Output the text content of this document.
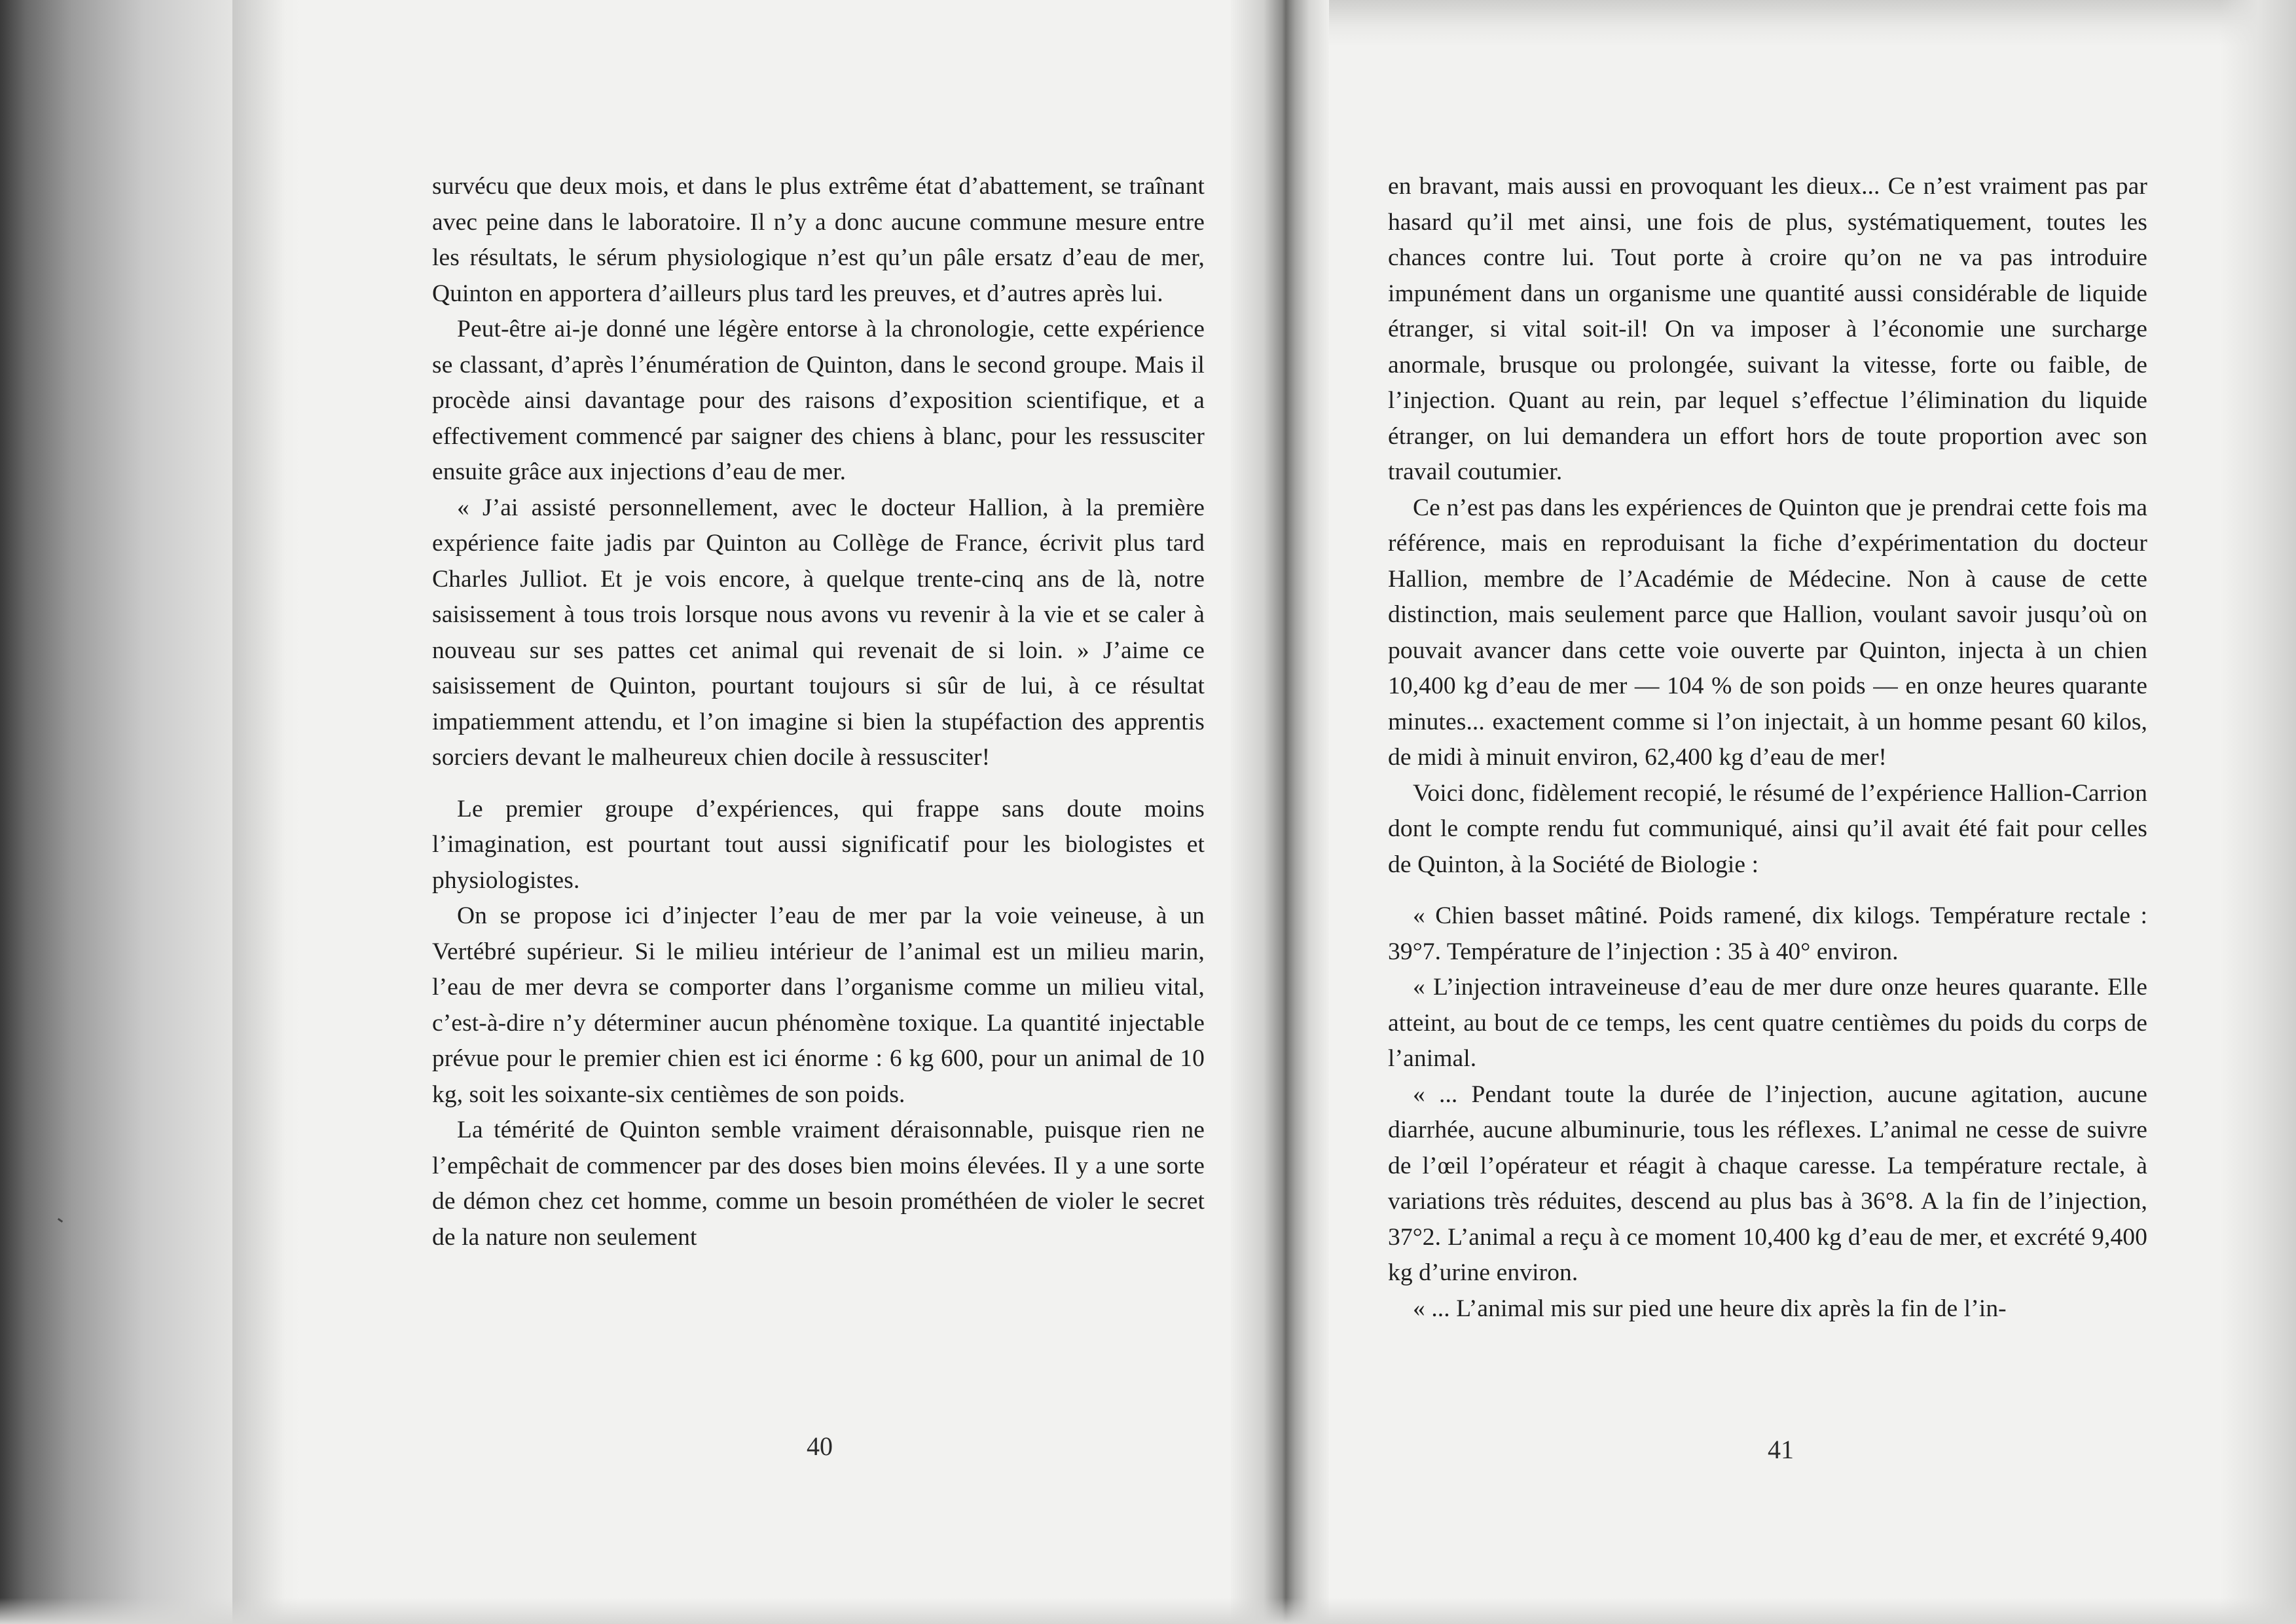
survécu que deux mois, et dans le plus extrême état d’abattement, se traînant avec peine dans le laboratoire. Il n’y a donc aucune commune mesure entre les résultats, le sérum physiologique n’est qu’un pâle ersatz d’eau de mer, Quinton en apportera d’ailleurs plus tard les preuves, et d’autres après lui.

Peut-être ai-je donné une légère entorse à la chronologie, cette expérience se classant, d’après l’énumération de Quinton, dans le second groupe. Mais il procède ainsi davantage pour des raisons d’exposition scientifique, et a effectivement commencé par saigner des chiens à blanc, pour les ressusciter ensuite grâce aux injections d’eau de mer.

« J’ai assisté personnellement, avec le docteur Hallion, à la première expérience faite jadis par Quinton au Collège de France, écrivit plus tard Charles Julliot. Et je vois encore, à quelque trente-cinq ans de là, notre saisissement à tous trois lorsque nous avons vu revenir à la vie et se caler à nouveau sur ses pattes cet animal qui revenait de si loin. » J’aime ce saisissement de Quinton, pourtant toujours si sûr de lui, à ce résultat impatiemment attendu, et l’on imagine si bien la stupéfaction des apprentis sorciers devant le malheureux chien docile à ressusciter!

Le premier groupe d’expériences, qui frappe sans doute moins l’imagination, est pourtant tout aussi significatif pour les biologistes et physiologistes.

On se propose ici d’injecter l’eau de mer par la voie veineuse, à un Vertébré supérieur. Si le milieu intérieur de l’animal est un milieu marin, l’eau de mer devra se comporter dans l’organisme comme un milieu vital, c’est-à-dire n’y déterminer aucun phénomène toxique. La quantité injectable prévue pour le premier chien est ici énorme : 6 kg 600, pour un animal de 10 kg, soit les soixante-six centièmes de son poids.

La témérité de Quinton semble vraiment déraisonnable, puisque rien ne l’empêchait de commencer par des doses bien moins élevées. Il y a une sorte de démon chez cet homme, comme un besoin prométhéen de violer le secret de la nature non seulement

40

en bravant, mais aussi en provoquant les dieux... Ce n’est vraiment pas par hasard qu’il met ainsi, une fois de plus, systématiquement, toutes les chances contre lui. Tout porte à croire qu’on ne va pas introduire impunément dans un organisme une quantité aussi considérable de liquide étranger, si vital soit-il! On va imposer à l’économie une surcharge anormale, brusque ou prolongée, suivant la vitesse, forte ou faible, de l’injection. Quant au rein, par lequel s’effectue l’élimination du liquide étranger, on lui demandera un effort hors de toute proportion avec son travail coutumier.

Ce n’est pas dans les expériences de Quinton que je prendrai cette fois ma référence, mais en reproduisant la fiche d’expérimentation du docteur Hallion, membre de l’Académie de Médecine. Non à cause de cette distinction, mais seulement parce que Hallion, voulant savoir jusqu’où on pouvait avancer dans cette voie ouverte par Quinton, injecta à un chien 10,400 kg d’eau de mer — 104 % de son poids — en onze heures quarante minutes... exactement comme si l’on injectait, à un homme pesant 60 kilos, de midi à minuit environ, 62,400 kg d’eau de mer!

Voici donc, fidèlement recopié, le résumé de l’expérience Hallion-Carrion dont le compte rendu fut communiqué, ainsi qu’il avait été fait pour celles de Quinton, à la Société de Biologie :

« Chien basset mâtiné. Poids ramené, dix kilogs. Température rectale : 39°7. Température de l’injection : 35 à 40° environ.

« L’injection intraveineuse d’eau de mer dure onze heures quarante. Elle atteint, au bout de ce temps, les cent quatre centièmes du poids du corps de l’animal.

« ... Pendant toute la durée de l’injection, aucune agitation, aucune diarrhée, aucune albuminurie, tous les réflexes. L’animal ne cesse de suivre de l’œil l’opérateur et réagit à chaque caresse. La température rectale, à variations très réduites, descend au plus bas à 36°8. A la fin de l’injection, 37°2. L’animal a reçu à ce moment 10,400 kg d’eau de mer, et excrété 9,400 kg d’urine environ.

« ... L’animal mis sur pied une heure dix après la fin de l’in-

41
